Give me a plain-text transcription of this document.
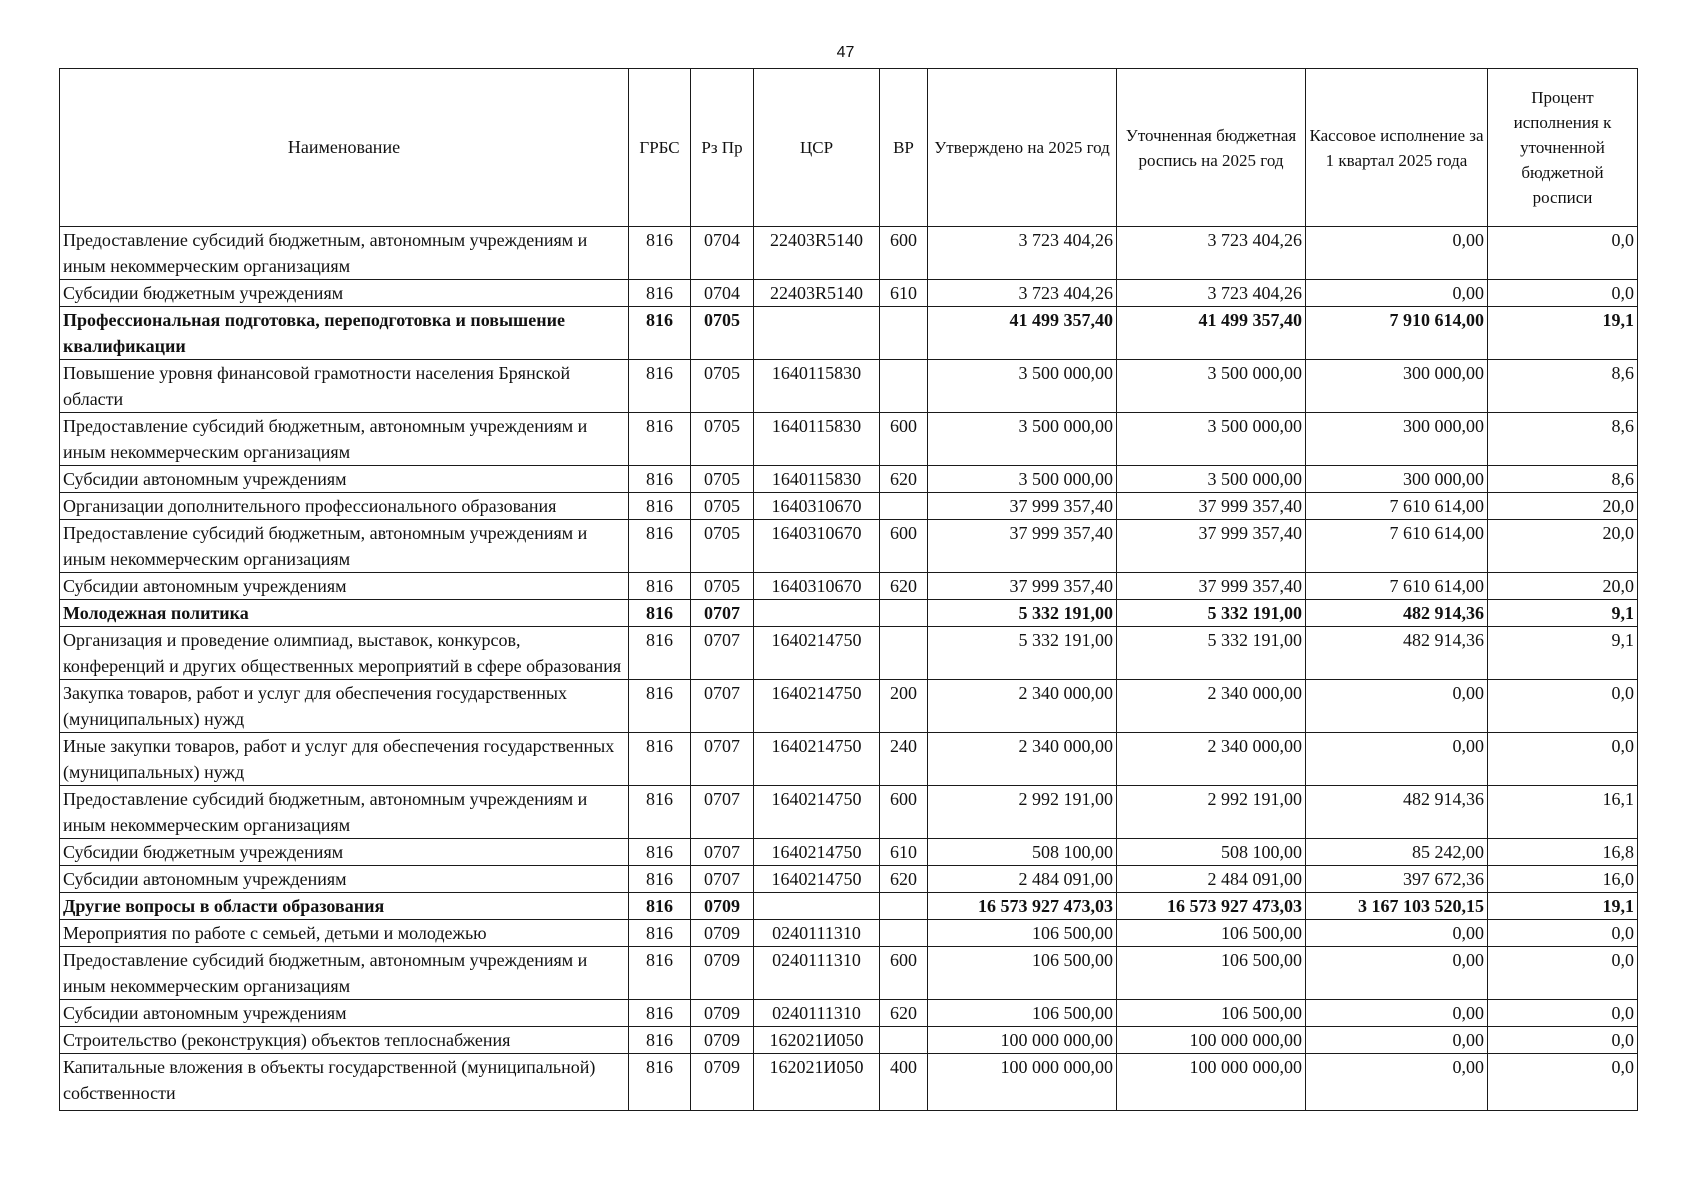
47
Наименование	ГРБС	Рз Пр	ЦСР	ВР	Утверждено на 2025 год	Уточненная бюджетная роспись на 2025 год	Кассовое исполнение за 1 квартал 2025 года	Процент исполнения к уточненной бюджетной росписи
Предоставление субсидий бюджетным, автономным учреждениям и иным некоммерческим организациям	816	0704	22403R5140	600	3 723 404,26	3 723 404,26	0,00	0,0
Субсидии бюджетным учреждениям	816	0704	22403R5140	610	3 723 404,26	3 723 404,26	0,00	0,0
Профессиональная подготовка, переподготовка и повышение квалификации	816	0705			41 499 357,40	41 499 357,40	7 910 614,00	19,1
Повышение уровня финансовой грамотности населения Брянской области	816	0705	1640115830		3 500 000,00	3 500 000,00	300 000,00	8,6
Предоставление субсидий бюджетным, автономным учреждениям и иным некоммерческим организациям	816	0705	1640115830	600	3 500 000,00	3 500 000,00	300 000,00	8,6
Субсидии автономным учреждениям	816	0705	1640115830	620	3 500 000,00	3 500 000,00	300 000,00	8,6
Организации дополнительного профессионального образования	816	0705	1640310670		37 999 357,40	37 999 357,40	7 610 614,00	20,0
Предоставление субсидий бюджетным, автономным учреждениям и иным некоммерческим организациям	816	0705	1640310670	600	37 999 357,40	37 999 357,40	7 610 614,00	20,0
Субсидии автономным учреждениям	816	0705	1640310670	620	37 999 357,40	37 999 357,40	7 610 614,00	20,0
Молодежная политика	816	0707			5 332 191,00	5 332 191,00	482 914,36	9,1
Организация и проведение олимпиад, выставок, конкурсов, конференций и других общественных мероприятий в сфере образования	816	0707	1640214750		5 332 191,00	5 332 191,00	482 914,36	9,1
Закупка товаров, работ и услуг для обеспечения государственных (муниципальных) нужд	816	0707	1640214750	200	2 340 000,00	2 340 000,00	0,00	0,0
Иные закупки товаров, работ и услуг для обеспечения государственных (муниципальных) нужд	816	0707	1640214750	240	2 340 000,00	2 340 000,00	0,00	0,0
Предоставление субсидий бюджетным, автономным учреждениям и иным некоммерческим организациям	816	0707	1640214750	600	2 992 191,00	2 992 191,00	482 914,36	16,1
Субсидии бюджетным учреждениям	816	0707	1640214750	610	508 100,00	508 100,00	85 242,00	16,8
Субсидии автономным учреждениям	816	0707	1640214750	620	2 484 091,00	2 484 091,00	397 672,36	16,0
Другие вопросы в области образования	816	0709			16 573 927 473,03	16 573 927 473,03	3 167 103 520,15	19,1
Мероприятия по работе с семьей, детьми и молодежью	816	0709	0240111310		106 500,00	106 500,00	0,00	0,0
Предоставление субсидий бюджетным, автономным учреждениям и иным некоммерческим организациям	816	0709	0240111310	600	106 500,00	106 500,00	0,00	0,0
Субсидии автономным учреждениям	816	0709	0240111310	620	106 500,00	106 500,00	0,00	0,0
Строительство (реконструкция) объектов теплоснабжения	816	0709	162021И050		100 000 000,00	100 000 000,00	0,00	0,0
Капитальные вложения в объекты государственной (муниципальной) собственности	816	0709	162021И050	400	100 000 000,00	100 000 000,00	0,00	0,0
